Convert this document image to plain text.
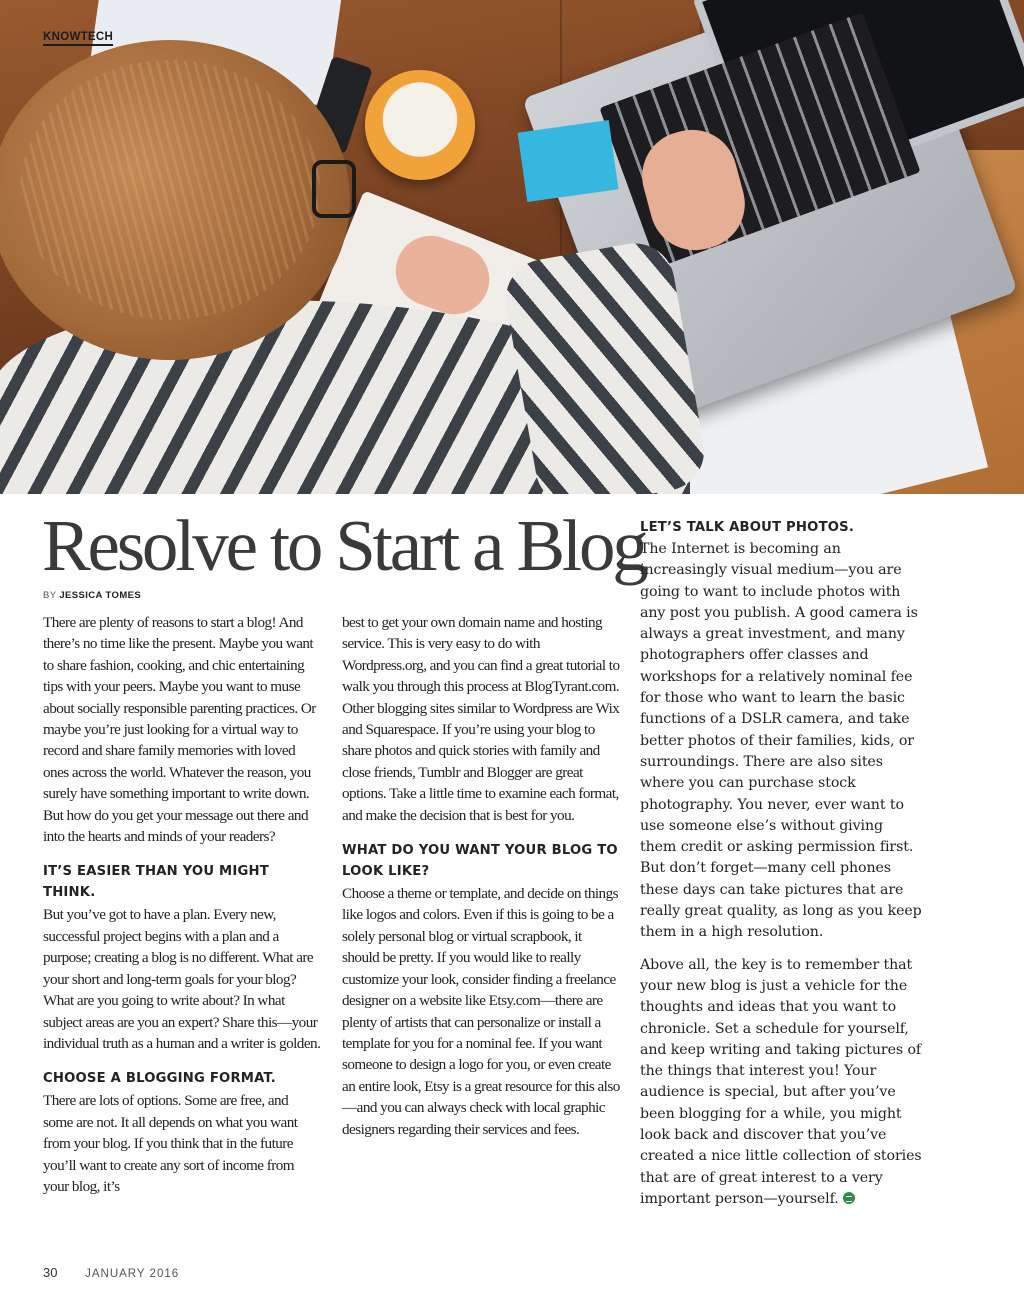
KNOWTECH
Resolve to Start a Blog
BY JESSICA TOMES

There are plenty of reasons to start a blog! And there’s no time like the present. Maybe you want to share fashion, cooking, and chic entertaining tips with your peers. Maybe you want to muse about socially responsible parenting practices. Or maybe you’re just looking for a virtual way to record and share family memories with loved ones across the world. Whatever the reason, you surely have something important to write down. But how do you get your message out there and into the hearts and minds of your readers?

IT’S EASIER THAN YOU MIGHT THINK.

But you’ve got to have a plan. Every new, successful project begins with a plan and a purpose; creating a blog is no different. What are your short and long-term goals for your blog? What are you going to write about? In what subject areas are you an expert? Share this—your individual truth as a human and a writer is golden.

CHOOSE A BLOGGING FORMAT.

There are lots of options. Some are free, and some are not. It all depends on what you want from your blog. If you think that in the future you’ll want to create any sort of income from your blog, it’s

best to get your own domain name and hosting service. This is very easy to do with Wordpress.org, and you can find a great tutorial to walk you through this process at BlogTyrant.com. Other blogging sites similar to Wordpress are Wix and Squarespace. If you’re using your blog to share photos and quick stories with family and close friends, Tumblr and Blogger are great options. Take a little time to examine each format, and make the decision that is best for you.

WHAT DO YOU WANT YOUR BLOG TO LOOK LIKE?

Choose a theme or template, and decide on things like logos and colors. Even if this is going to be a solely personal blog or virtual scrapbook, it should be pretty. If you would like to really customize your look, consider finding a freelance designer on a website like Etsy.com—there are plenty of artists that can personalize or install a template for you for a nominal fee. If you want someone to design a logo for you, or even create an entire look, Etsy is a great resource for this also—and you can always check with local graphic designers regarding their services and fees.

LET’S TALK ABOUT PHOTOS.

The Internet is becoming an increasingly visual medium—you are going to want to include photos with any post you publish. A good camera is always a great investment, and many photographers offer classes and workshops for a relatively nominal fee for those who want to learn the basic functions of a DSLR camera, and take better photos of their families, kids, or surroundings. There are also sites where you can purchase stock photography. You never, ever want to use someone else’s without giving them credit or asking permission first. But don’t forget—many cell phones these days can take pictures that are really great quality, as long as you keep them in a high resolution.

Above all, the key is to remember that your new blog is just a vehicle for the thoughts and ideas that you want to chronicle. Set a schedule for yourself, and keep writing and taking pictures of the things that interest you! Your audience is special, but after you’ve been blogging for a while, you might look back and discover that you’ve created a nice little collection of stories that are of great interest to a very important person—yourself.

30 JANUARY 2016
